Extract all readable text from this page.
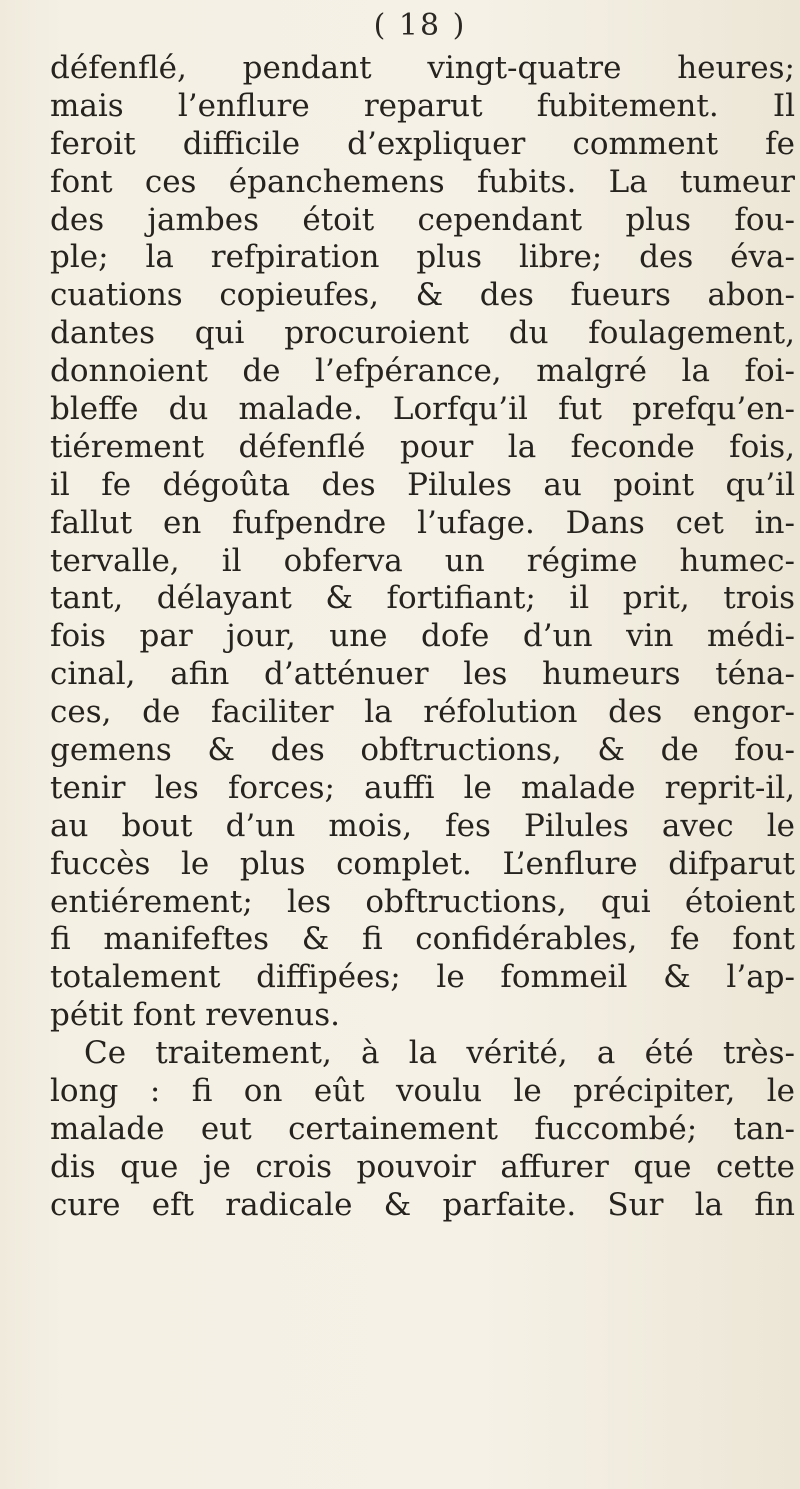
( 18 )
défenflé, pendant vingt-quatre heures;
mais l’enflure reparut fubitement. Il
feroit difficile d’expliquer comment fe
font ces épanchemens fubits. La tumeur
des jambes étoit cependant plus fou-
ple; la refpiration plus libre; des éva-
cuations copieufes, & des fueurs abon-
dantes qui procuroient du foulagement,
donnoient de l’efpérance, malgré la foi-
bleffe du malade. Lorfqu’il fut prefqu’en-
tiérement défenflé pour la feconde fois,
il fe dégoûta des Pilules au point qu’il
fallut en fufpendre l’ufage. Dans cet in-
tervalle, il obferva un régime humec-
tant, délayant & fortifiant; il prit, trois
fois par jour, une dofe d’un vin médi-
cinal, afin d’atténuer les humeurs téna-
ces, de faciliter la réfolution des engor-
gemens & des obftructions, & de fou-
tenir les forces; auffi le malade reprit-il,
au bout d’un mois, fes Pilules avec le
fuccès le plus complet. L’enflure difparut
entiérement; les obftructions, qui étoient
fi manifeftes & fi confidérables, fe font
totalement diffipées; le fommeil & l’ap-
pétit font revenus.
Ce traitement, à la vérité, a été très-
long : fi on eût voulu le précipiter, le
malade eut certainement fuccombé; tan-
dis que je crois pouvoir affurer que cette
cure eft radicale & parfaite. Sur la fin
